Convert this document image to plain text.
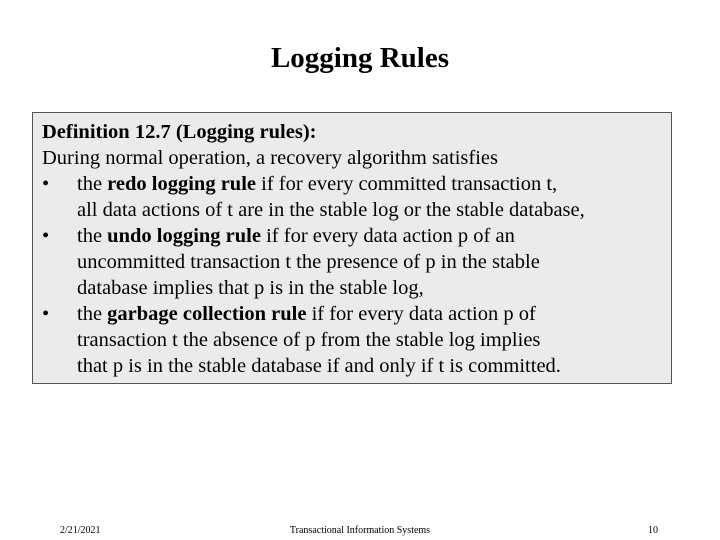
Logging Rules
Definition 12.7 (Logging rules):
During normal operation, a recovery algorithm satisfies
•	the redo logging rule if for every committed transaction t,
all data actions of t are in the stable log or the stable database,
•	the undo logging rule if for every data action p of an
uncommitted transaction t the presence of p in the stable
database implies that p is in the stable log,
•	the garbage collection rule if for every data action p of
transaction t the absence of p from the stable log implies
that p is in the stable database if and only if t is committed.
2/21/2021	Transactional Information Systems	10
